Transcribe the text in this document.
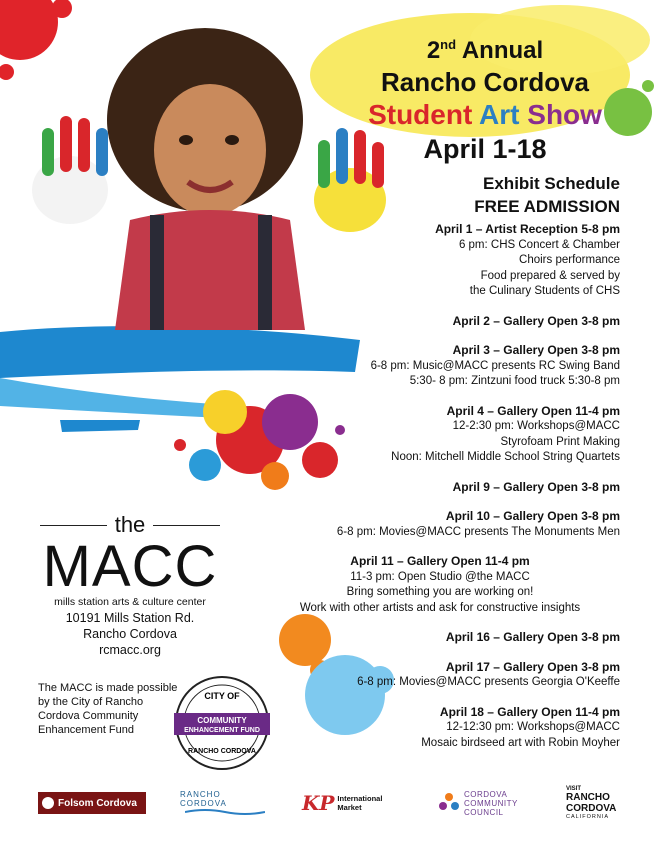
2nd Annual
Rancho Cordova
Student Art Show
April 1-18
Exhibit Schedule
FREE ADMISSION
April 1 – Artist Reception 5-8 pm
6 pm: CHS Concert & Chamber
Choirs performance
Food prepared & served by
the Culinary Students of CHS
April 2 – Gallery Open 3-8 pm
April 3 – Gallery Open 3-8 pm
6-8 pm: Music@MACC presents RC Swing Band
5:30- 8 pm: Zintzuni food truck 5:30-8 pm
April 4 – Gallery Open 11-4 pm
12-2:30 pm: Workshops@MACC
Styrofoam Print Making
Noon: Mitchell Middle School String Quartets
April 9 – Gallery Open 3-8 pm
April 10 – Gallery Open 3-8 pm
6-8 pm: Movies@MACC presents The Monuments Men
April 11 – Gallery Open 11-4 pm
11-3 pm: Open Studio @the MACC
Bring something you are working on!
Work with other artists and ask for constructive insights
April 16 – Gallery Open 3-8 pm
April 17 – Gallery Open 3-8 pm
6-8 pm: Movies@MACC presents Georgia O'Keeffe
April 18 – Gallery Open 11-4 pm
12-12:30 pm: Workshops@MACC
Mosaic birdseed art with Robin Moyher
the
MACC
mills station arts & culture center
10191 Mills Station Rd.
Rancho Cordova
rcmacc.org
The MACC is made possible by the City of Rancho Cordova Community Enhancement Fund
CITY OF
COMMUNITY
ENHANCEMENT FUND
RANCHO CORDOVA
Folsom Cordova
RANCHO CORDOVA	KP International
Market
CORDOVA
COMMUNITY
COUNCIL
VISIT
RANCHO
CORDOVA
CALIFORNIA
